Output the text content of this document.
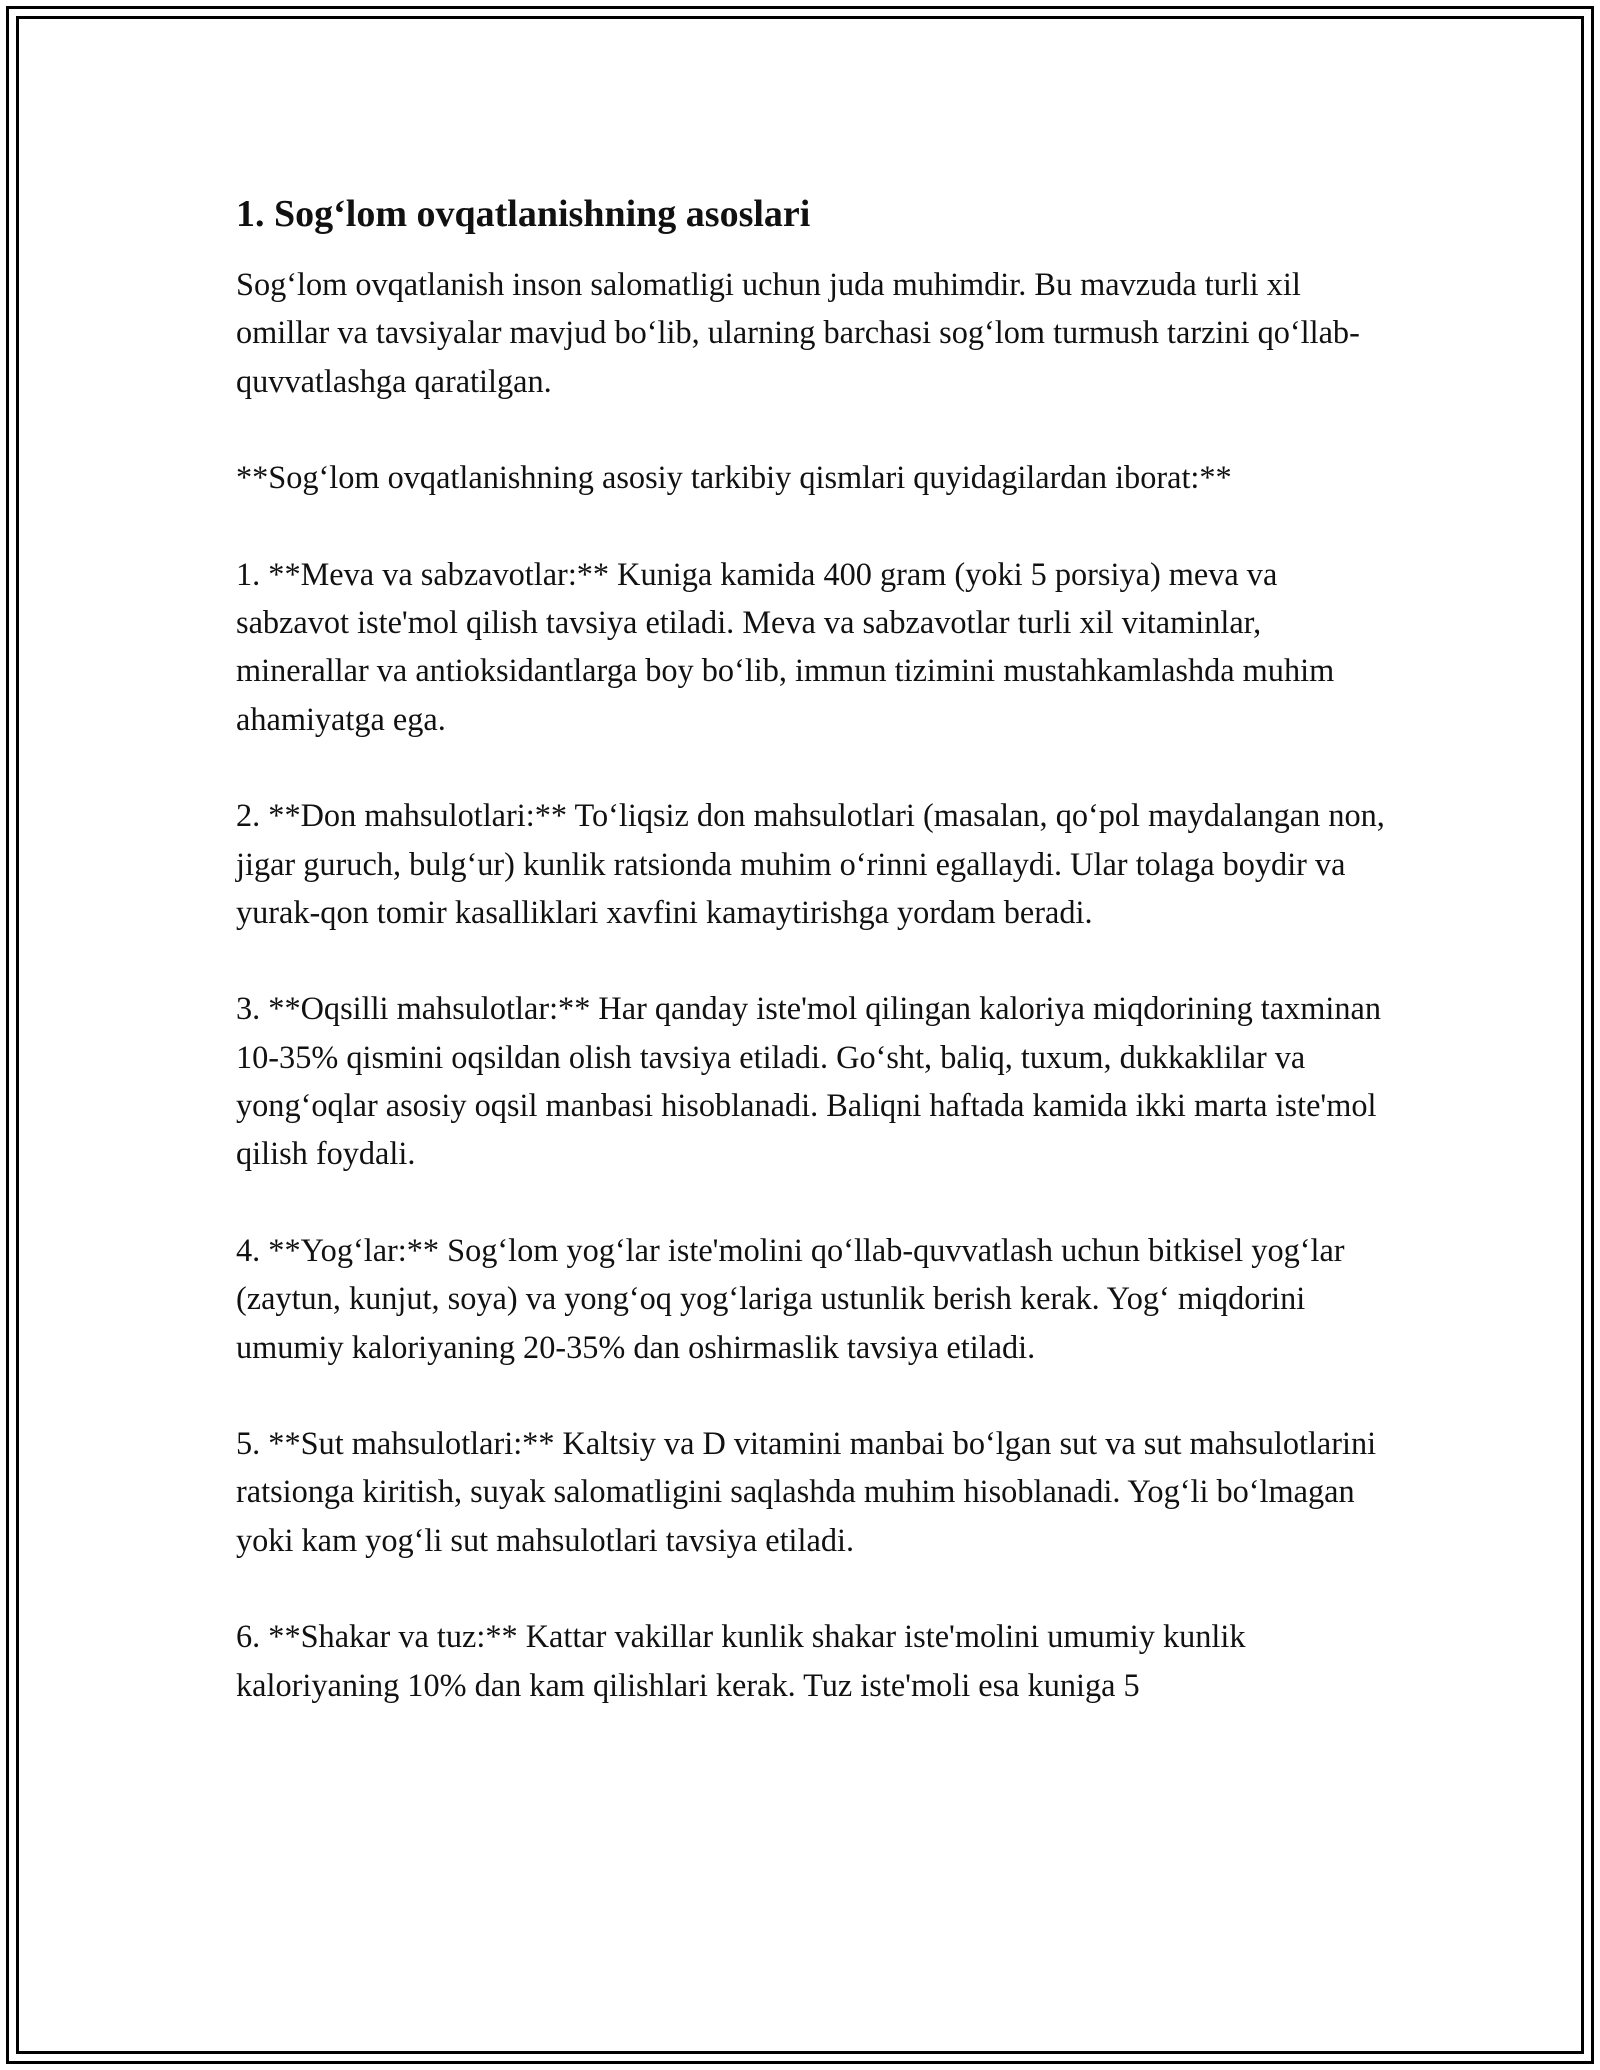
1. Sog‘lom ovqatlanishning asoslari

Sog‘lom ovqatlanish inson salomatligi uchun juda muhimdir. Bu mavzuda turli xil omillar va tavsiyalar mavjud bo‘lib, ularning barchasi sog‘lom turmush tarzini qo‘llab-quvvatlashga qaratilgan.

**Sog‘lom ovqatlanishning asosiy tarkibiy qismlari quyidagilardan iborat:**

1. **Meva va sabzavotlar:** Kuniga kamida 400 gram (yoki 5 porsiya) meva va sabzavot iste'mol qilish tavsiya etiladi. Meva va sabzavotlar turli xil vitaminlar, minerallar va antioksidantlarga boy bo‘lib, immun tizimini mustahkamlashda muhim ahamiyatga ega.

2. **Don mahsulotlari:** To‘liqsiz don mahsulotlari (masalan, qo‘pol maydalangan non, jigar guruch, bulg‘ur) kunlik ratsionda muhim o‘rinni egallaydi. Ular tolaga boydir va yurak-qon tomir kasalliklari xavfini kamaytirishga yordam beradi.

3. **Oqsilli mahsulotlar:** Har qanday iste'mol qilingan kaloriya miqdorining taxminan 10-35% qismini oqsildan olish tavsiya etiladi. Go‘sht, baliq, tuxum, dukkaklilar va yong‘oqlar asosiy oqsil manbasi hisoblanadi. Baliqni haftada kamida ikki marta iste'mol qilish foydali.

4. **Yog‘lar:** Sog‘lom yog‘lar iste'molini qo‘llab-quvvatlash uchun bitkisel yog‘lar (zaytun, kunjut, soya) va yong‘oq yog‘lariga ustunlik berish kerak. Yog‘ miqdorini umumiy kaloriyaning 20-35% dan oshirmaslik tavsiya etiladi.

5. **Sut mahsulotlari:** Kaltsiy va D vitamini manbai bo‘lgan sut va sut mahsulotlarini ratsionga kiritish, suyak salomatligini saqlashda muhim hisoblanadi. Yog‘li bo‘lmagan yoki kam yog‘li sut mahsulotlari tavsiya etiladi.

6. **Shakar va tuz:** Kattar vakillar kunlik shakar iste'molini umumiy kunlik kaloriyaning 10% dan kam qilishlari kerak. Tuz iste'moli esa kuniga 5
